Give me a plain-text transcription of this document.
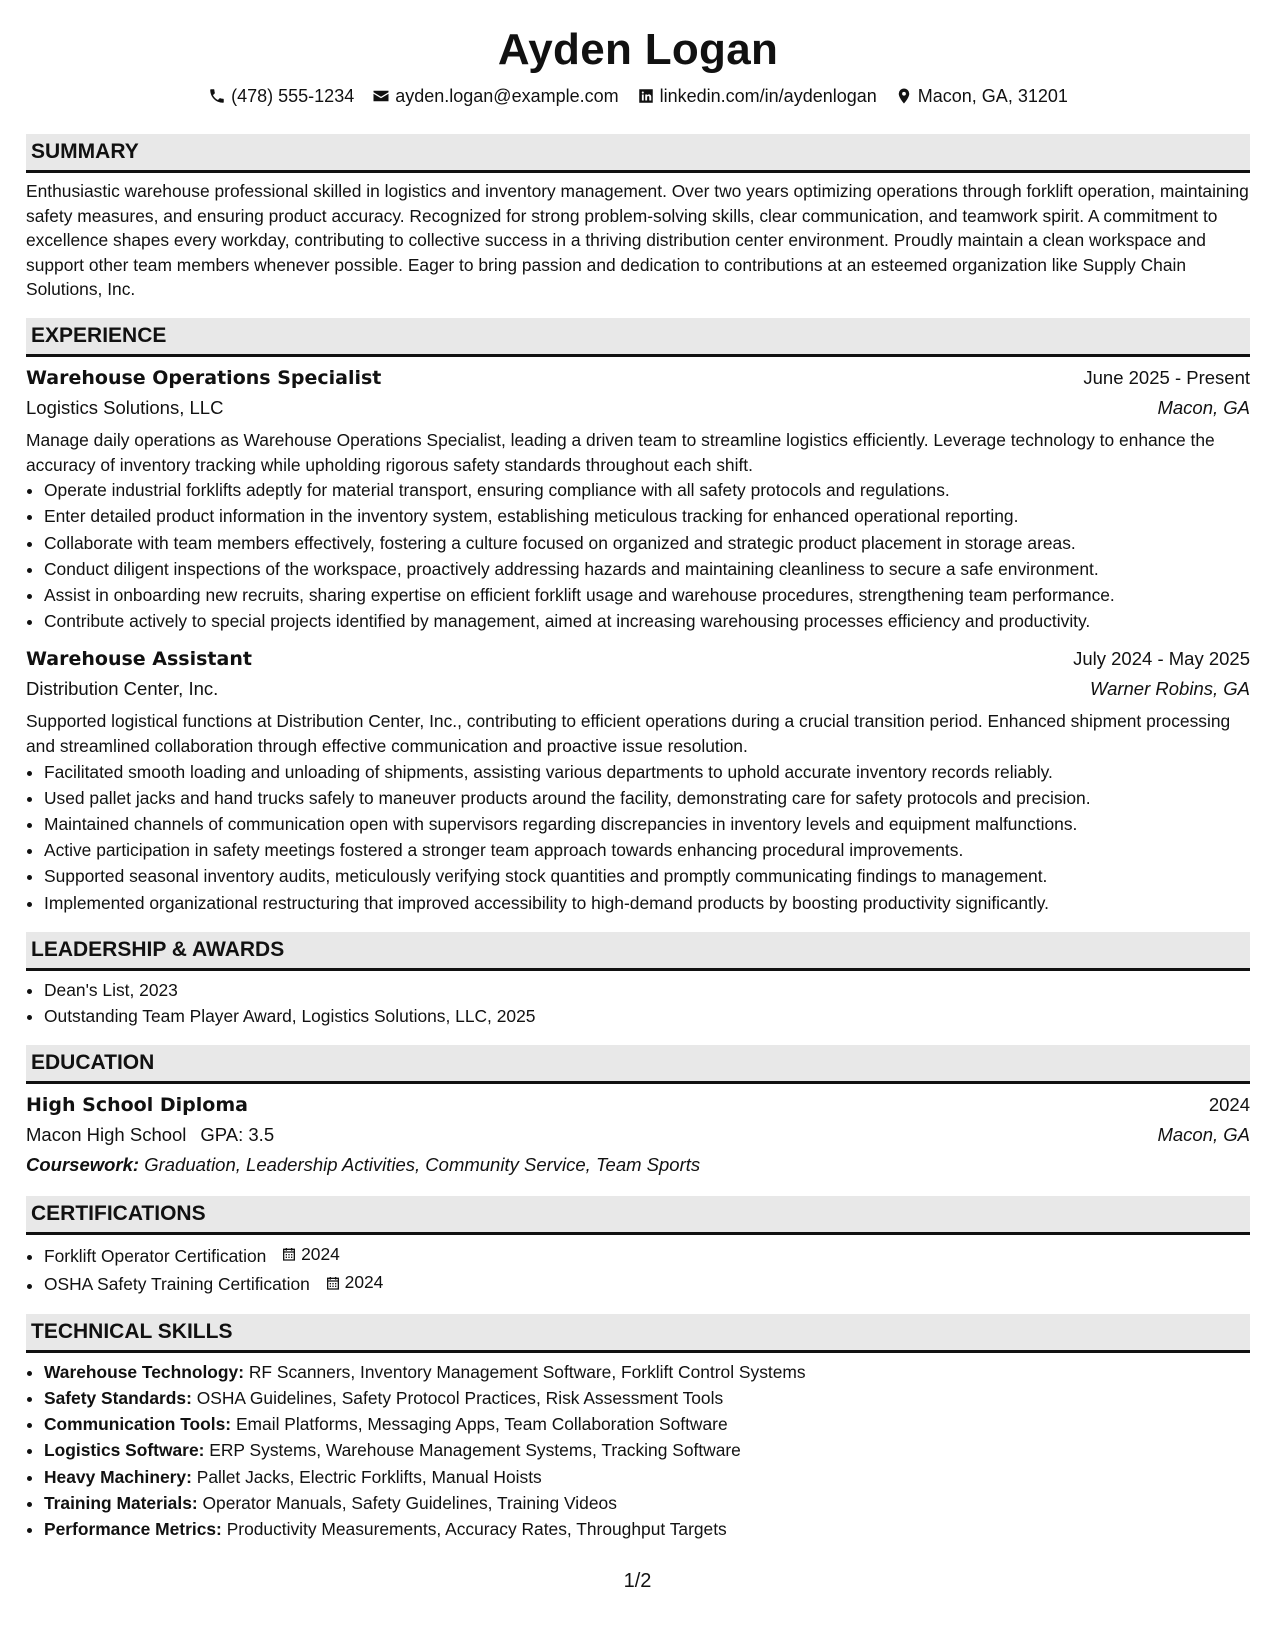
Ayden Logan
(478) 555-1234 ayden.logan@example.com linkedin.com/in/aydenlogan Macon, GA, 31201
SUMMARY

Enthusiastic warehouse professional skilled in logistics and inventory management. Over two years optimizing operations through forklift operation, maintaining safety measures, and ensuring product accuracy. Recognized for strong problem-solving skills, clear communication, and teamwork spirit. A commitment to excellence shapes every workday, contributing to collective success in a thriving distribution center environment. Proudly maintain a clean workspace and support other team members whenever possible. Eager to bring passion and dedication to contributions at an esteemed organization like Supply Chain Solutions, Inc.

EXPERIENCE
Warehouse Operations Specialist	June 2025 - Present
Logistics Solutions, LLC	Macon, GA

Manage daily operations as Warehouse Operations Specialist, leading a driven team to streamline logistics efficiently. Leverage technology to enhance the accuracy of inventory tracking while upholding rigorous safety standards throughout each shift.

• Operate industrial forklifts adeptly for material transport, ensuring compliance with all safety protocols and regulations.
• Enter detailed product information in the inventory system, establishing meticulous tracking for enhanced operational reporting.
• Collaborate with team members effectively, fostering a culture focused on organized and strategic product placement in storage areas.
• Conduct diligent inspections of the workspace, proactively addressing hazards and maintaining cleanliness to secure a safe environment.
• Assist in onboarding new recruits, sharing expertise on efficient forklift usage and warehouse procedures, strengthening team performance.
• Contribute actively to special projects identified by management, aimed at increasing warehousing processes efficiency and productivity.
Warehouse Assistant	July 2024 - May 2025
Distribution Center, Inc.	Warner Robins, GA

Supported logistical functions at Distribution Center, Inc., contributing to efficient operations during a crucial transition period. Enhanced shipment processing and streamlined collaboration through effective communication and proactive issue resolution.

• Facilitated smooth loading and unloading of shipments, assisting various departments to uphold accurate inventory records reliably.
• Used pallet jacks and hand trucks safely to maneuver products around the facility, demonstrating care for safety protocols and precision.
• Maintained channels of communication open with supervisors regarding discrepancies in inventory levels and equipment malfunctions.
• Active participation in safety meetings fostered a stronger team approach towards enhancing procedural improvements.
• Supported seasonal inventory audits, meticulously verifying stock quantities and promptly communicating findings to management.
• Implemented organizational restructuring that improved accessibility to high-demand products by boosting productivity significantly.
LEADERSHIP & AWARDS
• Dean's List, 2023
• Outstanding Team Player Award, Logistics Solutions, LLC, 2025
EDUCATION
High School Diploma	2024
Macon High School GPA: 3.5	Macon, GA
Coursework: Graduation, Leadership Activities, Community Service, Team Sports
CERTIFICATIONS
• Forklift Operator Certification 2024
• OSHA Safety Training Certification 2024
TECHNICAL SKILLS
• Warehouse Technology: RF Scanners, Inventory Management Software, Forklift Control Systems
• Safety Standards: OSHA Guidelines, Safety Protocol Practices, Risk Assessment Tools
• Communication Tools: Email Platforms, Messaging Apps, Team Collaboration Software
• Logistics Software: ERP Systems, Warehouse Management Systems, Tracking Software
• Heavy Machinery: Pallet Jacks, Electric Forklifts, Manual Hoists
• Training Materials: Operator Manuals, Safety Guidelines, Training Videos
• Performance Metrics: Productivity Measurements, Accuracy Rates, Throughput Targets
1/2
